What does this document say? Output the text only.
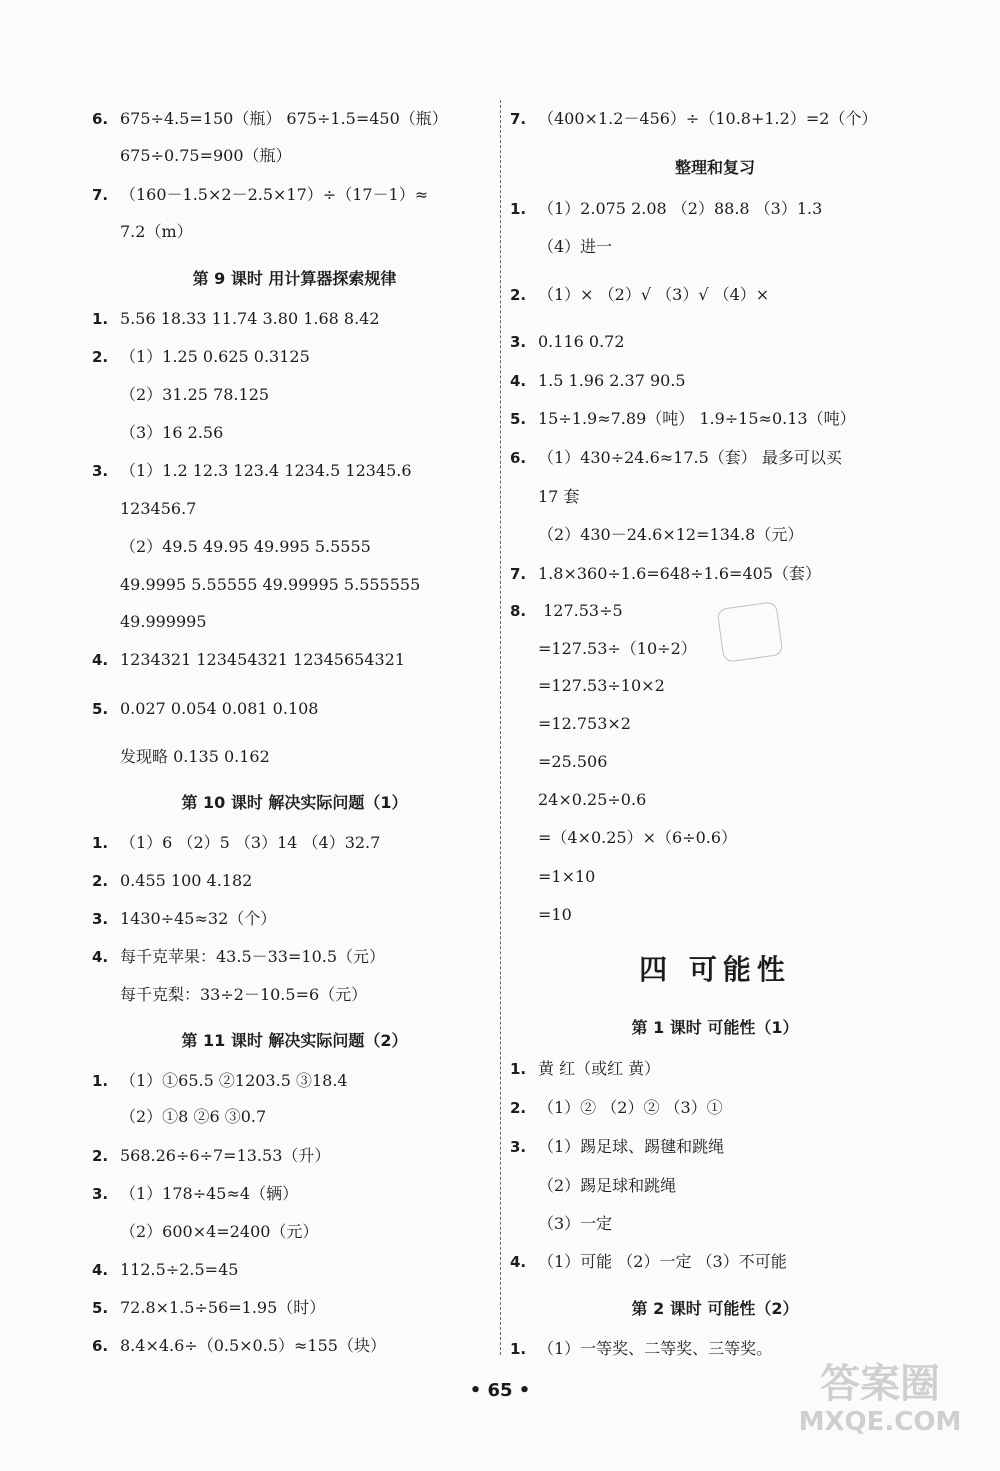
6. 675÷4.5=150（瓶） 675÷1.5=450（瓶）
675÷0.75=900（瓶）
7. （160－1.5×2－2.5×17）÷（17－1）≈
7.2（m）
第 9 课时 用计算器探索规律
1. 5.56 18.33 11.74 3.80 1.68 8.42
2. （1）1.25 0.625 0.3125
（2）31.25 78.125
（3）16 2.56
3. （1）1.2 12.3 123.4 1234.5 12345.6
123456.7
（2）49.5 49.95 49.995 5.5555
49.9995 5.55555 49.99995 5.555555
49.999995
4. 1234321 123454321 12345654321
5. 0.027 0.054 0.081 0.108
发现略 0.135 0.162
第 10 课时 解决实际问题（1）
1. （1）6 （2）5 （3）14 （4）32.7
2. 0.455 100 4.182
3. 1430÷45≈32（个）
4. 每千克苹果：43.5－33=10.5（元）
每千克梨：33÷2－10.5=6（元）
第 11 课时 解决实际问题（2）
1. （1）①65.5 ②1203.5 ③18.4
（2）①8 ②6 ③0.7
2. 568.26÷6÷7=13.53（升）
3. （1）178÷45≈4（辆）
（2）600×4=2400（元）
4. 112.5÷2.5=45
5. 72.8×1.5÷56=1.95（时）
6. 8.4×4.6÷（0.5×0.5）≈155（块）
7. （400×1.2－456）÷（10.8+1.2）=2（个）
整理和复习
1. （1）2.075 2.08 （2）88.8 （3）1.3
（4）进一
2. （1）× （2）√ （3）√ （4）×
3. 0.116 0.72
4. 1.5 1.96 2.37 90.5
5. 15÷1.9≈7.89（吨） 1.9÷15≈0.13（吨）
6. （1）430÷24.6≈17.5（套） 最多可以买
17 套
（2）430－24.6×12=134.8（元）
7. 1.8×360÷1.6=648÷1.6=405（套）
8. 127.53÷5
=127.53÷（10÷2）
=127.53÷10×2
=12.753×2
=25.506
24×0.25÷0.6
=（4×0.25）×（6÷0.6）
=1×10
=10
四 可能性
第 1 课时 可能性（1）
1. 黄 红（或红 黄）
2. （1）② （2）② （3）①
3. （1）踢足球、踢毽和跳绳
（2）踢足球和跳绳
（3）一定
4. （1）可能 （2）一定 （3）不可能
第 2 课时 可能性（2）
1. （1）一等奖、二等奖、三等奖。
• 65 •	答案圈
MXQE.COM
